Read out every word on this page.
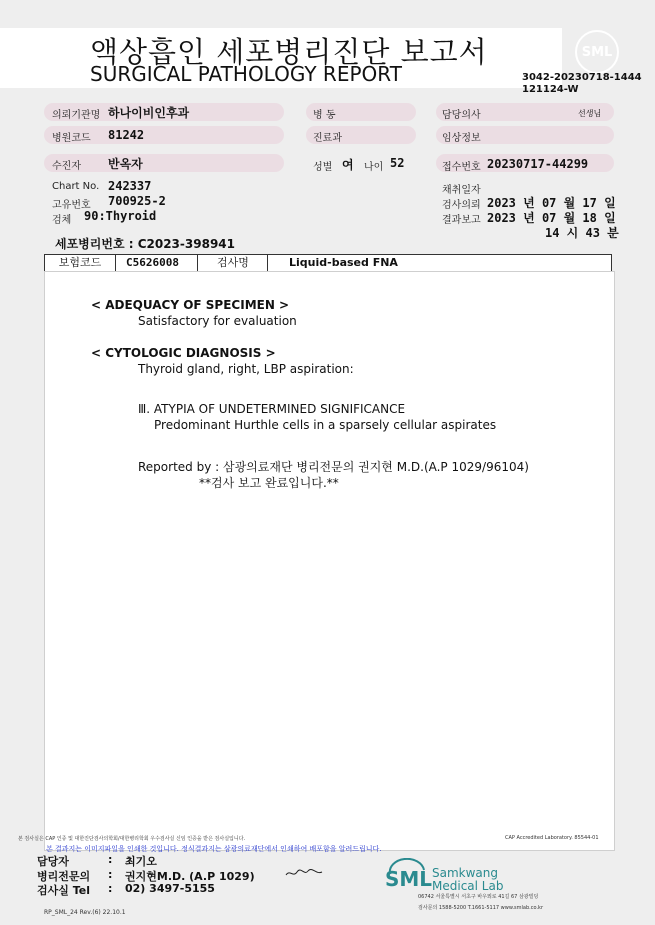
액상흡인 세포병리진단 보고서
SURGICAL PATHOLOGY REPORT
SML
3042-20230718-1444
121124-W
의뢰기관명 하나이비인후과	병 동	담당의사	선생님
병원코드 81242	진료과	임상정보
수진자 반옥자	성별 여 나이 52	접수번호 20230717-44299
Chart No. 242337
고유번호 700925-2
검체 90:Thyroid
채취일자
검사의뢰 2023 년 07 월 17 일
결과보고 2023 년 07 월 18 일
14 시 43 분
세포병리번호 : C2023-398941
보험코드	C5626008	검사명	Liquid-based FNA
< ADEQUACY OF SPECIMEN >
Satisfactory for evaluation
< CYTOLOGIC DIAGNOSIS >
Thyroid gland, right, LBP aspiration:
Ⅲ. ATYPIA OF UNDETERMINED SIGNIFICANCE
Predominant Hurthle cells in a sparsely cellular aspirates
Reported by : 삼광의료재단 병리전문의 권지현 M.D.(A.P 1029/96104)
**검사 보고 완료입니다.**
본 검사실은 CAP 인증 및 대한진단검사의학회/대한병리학회 우수검사실 신임 인증을 받은 검사실입니다.	CAP Accredited Laboratory. 85544-01
본 결과지는 이미지파일을 인쇄한 것입니다. 정식결과지는 삼광의료재단에서 인쇄하여 배포함을 알려드립니다.
담당자	: 최기오
병리전문의 : 권지현M.D. (A.P 1029)
검사실 Tel : 02) 3497-5155	SML Samkwang
Medical Lab
06742 서울특별시 서초구 바우뫼로 41길 67 삼광빌딩
검사문의 1588-5200 T.1661-5117 www.smlab.co.kr
RP_SML_24 Rev.(6) 22.10.1
